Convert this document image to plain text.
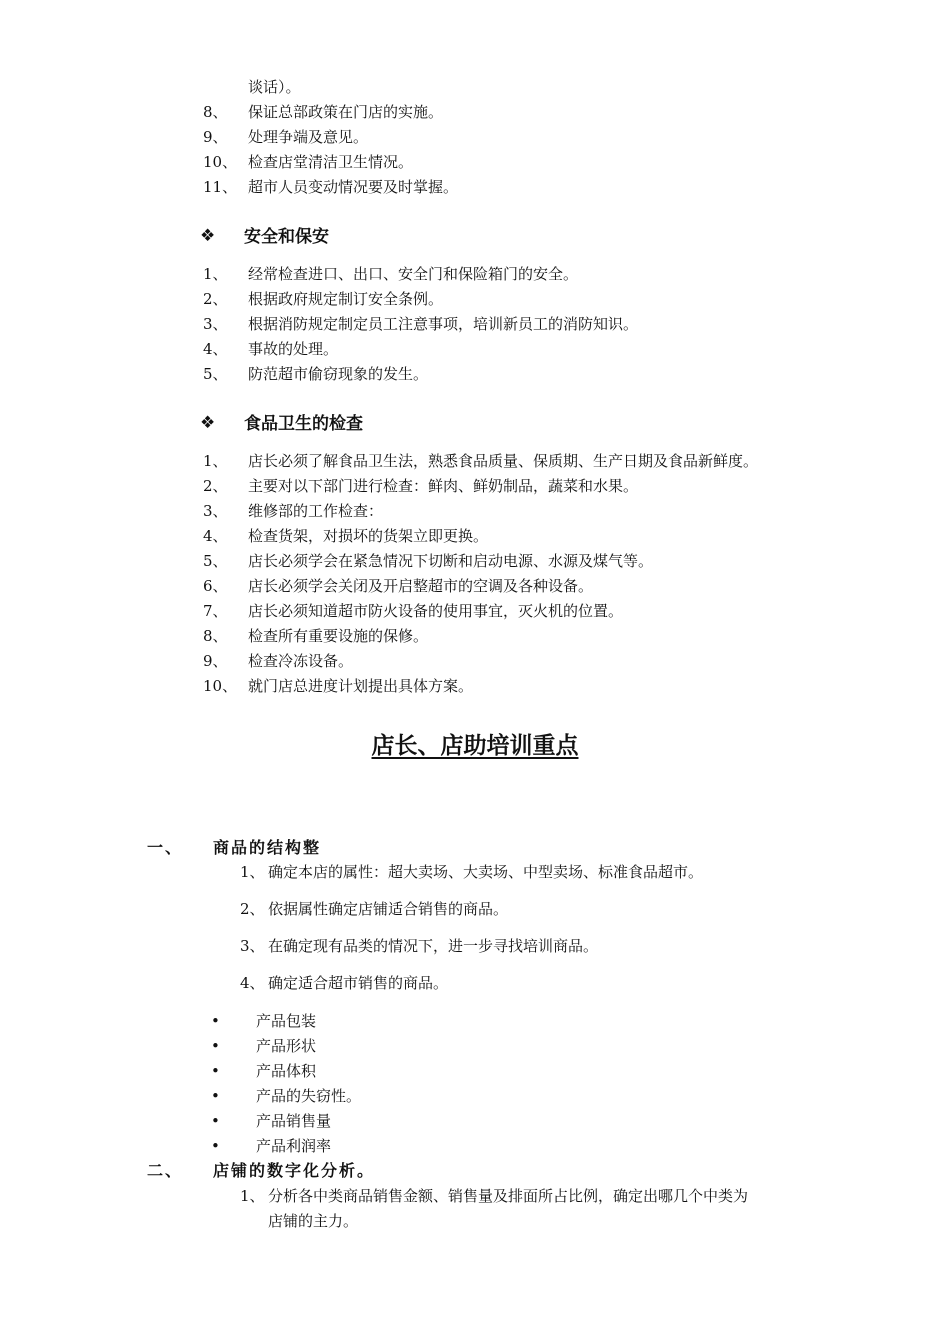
谈话）。
8、 保证总部政策在门店的实施。
9、 处理争端及意见。
10、 检查店堂清洁卫生情况。
11、 超市人员变动情况要及时掌握。
❖ 安全和保安
1、 经常检查进口、出口、安全门和保险箱门的安全。
2、 根据政府规定制订安全条例。
3、 根据消防规定制定员工注意事项，培训新员工的消防知识。
4、 事故的处理。
5、 防范超市偷窃现象的发生。
❖ 食品卫生的检查
1、 店长必须了解食品卫生法，熟悉食品质量、保质期、生产日期及食品新鲜度。
2、 主要对以下部门进行检查：鲜肉、鲜奶制品，蔬菜和水果。
3、 维修部的工作检查：
4、 检查货架，对损坏的货架立即更换。
5、 店长必须学会在紧急情况下切断和启动电源、水源及煤气等。
6、 店长必须学会关闭及开启整超市的空调及各种设备。
7、 店长必须知道超市防火设备的使用事宜，灭火机的位置。
8、 检查所有重要设施的保修。
9、 检查冷冻设备。
10、 就门店总进度计划提出具体方案。
店长、店助培训重点
一、 商品的结构整
1、 确定本店的属性：超大卖场、大卖场、中型卖场、标准食品超市。
2、 依据属性确定店铺适合销售的商品。
3、 在确定现有品类的情况下，进一步寻找培训商品。
4、 确定适合超市销售的商品。
• 产品包装
• 产品形状
• 产品体积
• 产品的失窃性。
• 产品销售量
• 产品利润率
二、 店铺的数字化分析。
1、 分析各中类商品销售金额、销售量及排面所占比例，确定出哪几个中类为
店铺的主力。
